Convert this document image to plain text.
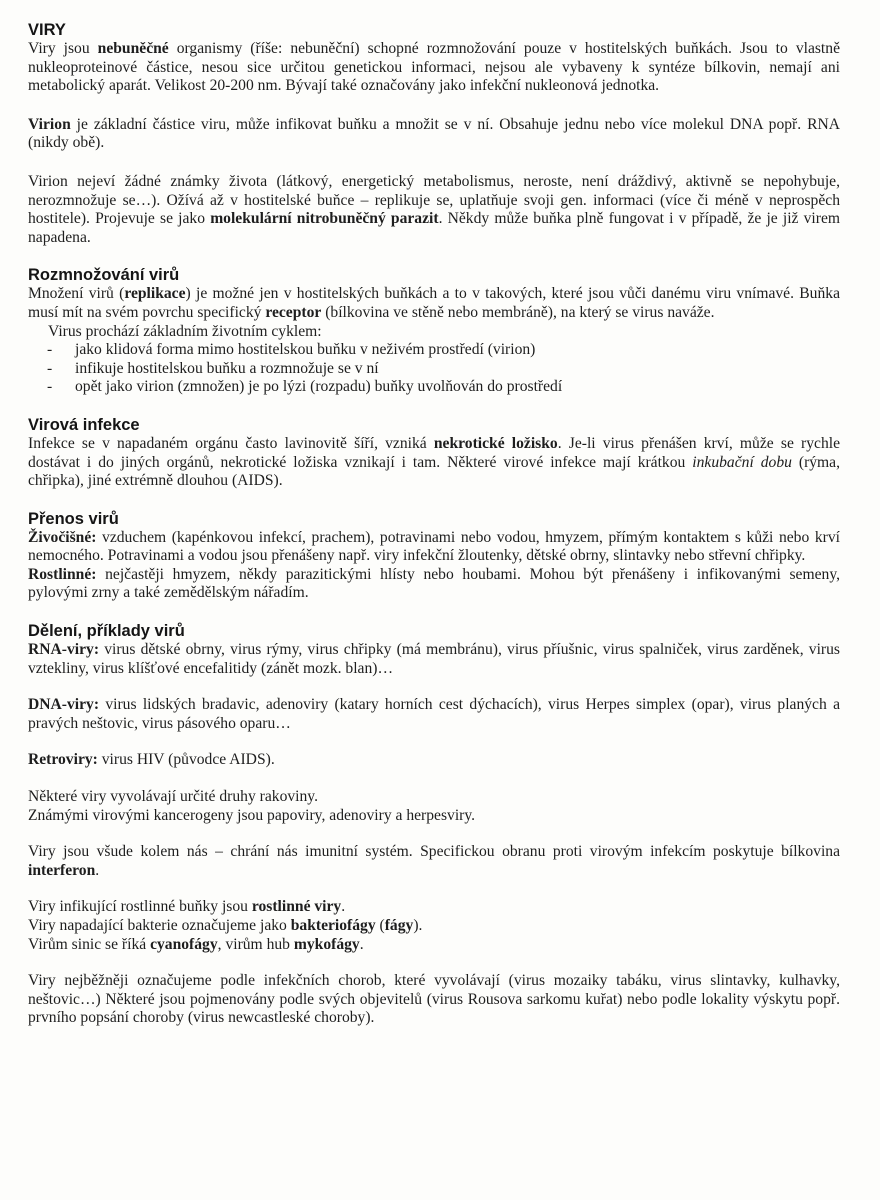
VIRY

Viry jsou nebuněčné organismy (říše: nebuněční) schopné rozmnožování pouze v hostitelských buňkách. Jsou to vlastně nukleoproteinové částice, nesou sice určitou genetickou informaci, nejsou ale vybaveny k syntéze bílkovin, nemají ani metabolický aparát. Velikost 20-200 nm. Bývají také označovány jako infekční nukleonová jednotka.

Virion je základní částice viru, může infikovat buňku a množit se v ní. Obsahuje jednu nebo více molekul DNA popř. RNA (nikdy obě).

Virion nejeví žádné známky života (látkový, energetický metabolismus, neroste, není dráždivý, aktivně se nepohybuje, nerozmnožuje se…). Ožívá až v hostitelské buňce – replikuje se, uplatňuje svoji gen. informaci (více či méně v neprospěch hostitele). Projevuje se jako molekulární nitrobuněčný parazit. Někdy může buňka plně fungovat i v případě, že je již virem napadena.

Rozmnožování virů

Množení virů (replikace) je možné jen v hostitelských buňkách a to v takových, které jsou vůči danému viru vnímavé. Buňka musí mít na svém povrchu specifický receptor (bílkovina ve stěně nebo membráně), na který se virus naváže.

Virus prochází základním životním cyklem:

- jako klidová forma mimo hostitelskou buňku v neživém prostředí (virion)
- infikuje hostitelskou buňku a rozmnožuje se v ní
- opět jako virion (zmnožen) je po lýzi (rozpadu) buňky uvolňován do prostředí
Virová infekce

Infekce se v napadaném orgánu často lavinovitě šíří, vzniká nekrotické ložisko. Je-li virus přenášen krví, může se rychle dostávat i do jiných orgánů, nekrotické ložiska vznikají i tam. Některé virové infekce mají krátkou inkubační dobu (rýma, chřipka), jiné extrémně dlouhou (AIDS).

Přenos virů

Živočišné: vzduchem (kapénkovou infekcí, prachem), potravinami nebo vodou, hmyzem, přímým kontaktem s kůži nebo krví nemocného. Potravinami a vodou jsou přenášeny např. viry infekční žloutenky, dětské obrny, slintavky nebo střevní chřipky.

Rostlinné: nejčastěji hmyzem, někdy parazitickými hlísty nebo houbami. Mohou být přenášeny i infikovanými semeny, pylovými zrny a také zemědělským nářadím.

Dělení, příklady virů

RNA-viry: virus dětské obrny, virus rýmy, virus chřipky (má membránu), virus příušnic, virus spalniček, virus zarděnek, virus vztekliny, virus klíšťové encefalitidy (zánět mozk. blan)…

DNA-viry: virus lidských bradavic, adenoviry (katary horních cest dýchacích), virus Herpes simplex (opar), virus planých a pravých neštovic, virus pásového oparu…

Retroviry: virus HIV (původce AIDS).

Některé viry vyvolávají určité druhy rakoviny.

Známými virovými kancerogeny jsou papoviry, adenoviry a herpesviry.

Viry jsou všude kolem nás – chrání nás imunitní systém. Specifickou obranu proti virovým infekcím poskytuje bílkovina interferon.

Viry infikující rostlinné buňky jsou rostlinné viry.

Viry napadající bakterie označujeme jako bakteriofágy (fágy).

Virům sinic se říká cyanofágy, virům hub mykofágy.

Viry nejběžněji označujeme podle infekčních chorob, které vyvolávají (virus mozaiky tabáku, virus slintavky, kulhavky, neštovic…) Některé jsou pojmenovány podle svých objevitelů (virus Rousova sarkomu kuřat) nebo podle lokality výskytu popř. prvního popsání choroby (virus newcastleské choroby).
